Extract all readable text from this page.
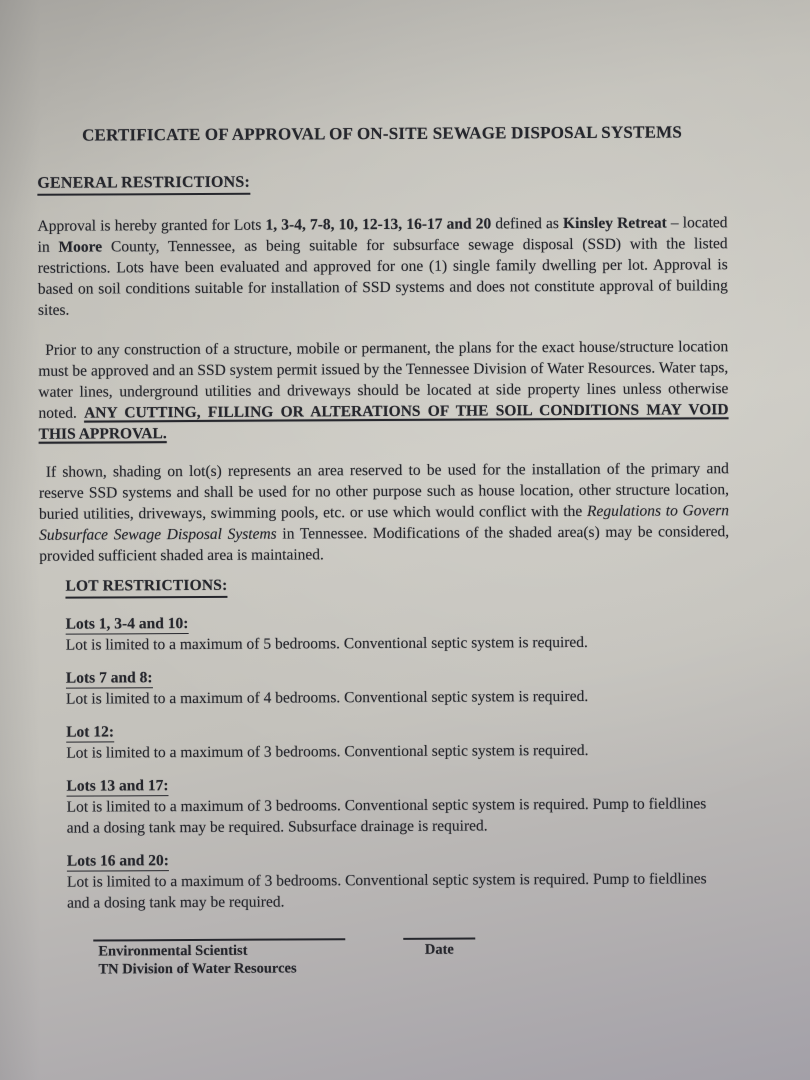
CERTIFICATE OF APPROVAL OF ON-SITE SEWAGE DISPOSAL SYSTEMS
GENERAL RESTRICTIONS:

Approval is hereby granted for Lots 1, 3-4, 7-8, 10, 12-13, 16-17 and 20 defined as Kinsley Retreat – located in Moore County, Tennessee, as being suitable for subsurface sewage disposal (SSD) with the listed restrictions. Lots have been evaluated and approved for one (1) single family dwelling per lot. Approval is based on soil conditions suitable for installation of SSD systems and does not constitute approval of building sites.

Prior to any construction of a structure, mobile or permanent, the plans for the exact house/structure location must be approved and an SSD system permit issued by the Tennessee Division of Water Resources. Water taps, water lines, underground utilities and driveways should be located at side property lines unless otherwise noted. ANY CUTTING, FILLING OR ALTERATIONS OF THE SOIL CONDITIONS MAY VOID THIS APPROVAL.

If shown, shading on lot(s) represents an area reserved to be used for the installation of the primary and reserve SSD systems and shall be used for no other purpose such as house location, other structure location, buried utilities, driveways, swimming pools, etc. or use which would conflict with the Regulations to Govern Subsurface Sewage Disposal Systems in Tennessee. Modifications of the shaded area(s) may be considered, provided sufficient shaded area is maintained.

LOT RESTRICTIONS:
Lots 1, 3-4 and 10:
Lot is limited to a maximum of 5 bedrooms. Conventional septic system is required.
Lots 7 and 8:
Lot is limited to a maximum of 4 bedrooms. Conventional septic system is required.
Lot 12:
Lot is limited to a maximum of 3 bedrooms. Conventional septic system is required.
Lots 13 and 17:
Lot is limited to a maximum of 3 bedrooms. Conventional septic system is required. Pump to fieldlines and a dosing tank may be required. Subsurface drainage is required.
Lots 16 and 20:
Lot is limited to a maximum of 3 bedrooms. Conventional septic system is required. Pump to fieldlines and a dosing tank may be required.
Environmental Scientist
TN Division of Water Resources
Date
